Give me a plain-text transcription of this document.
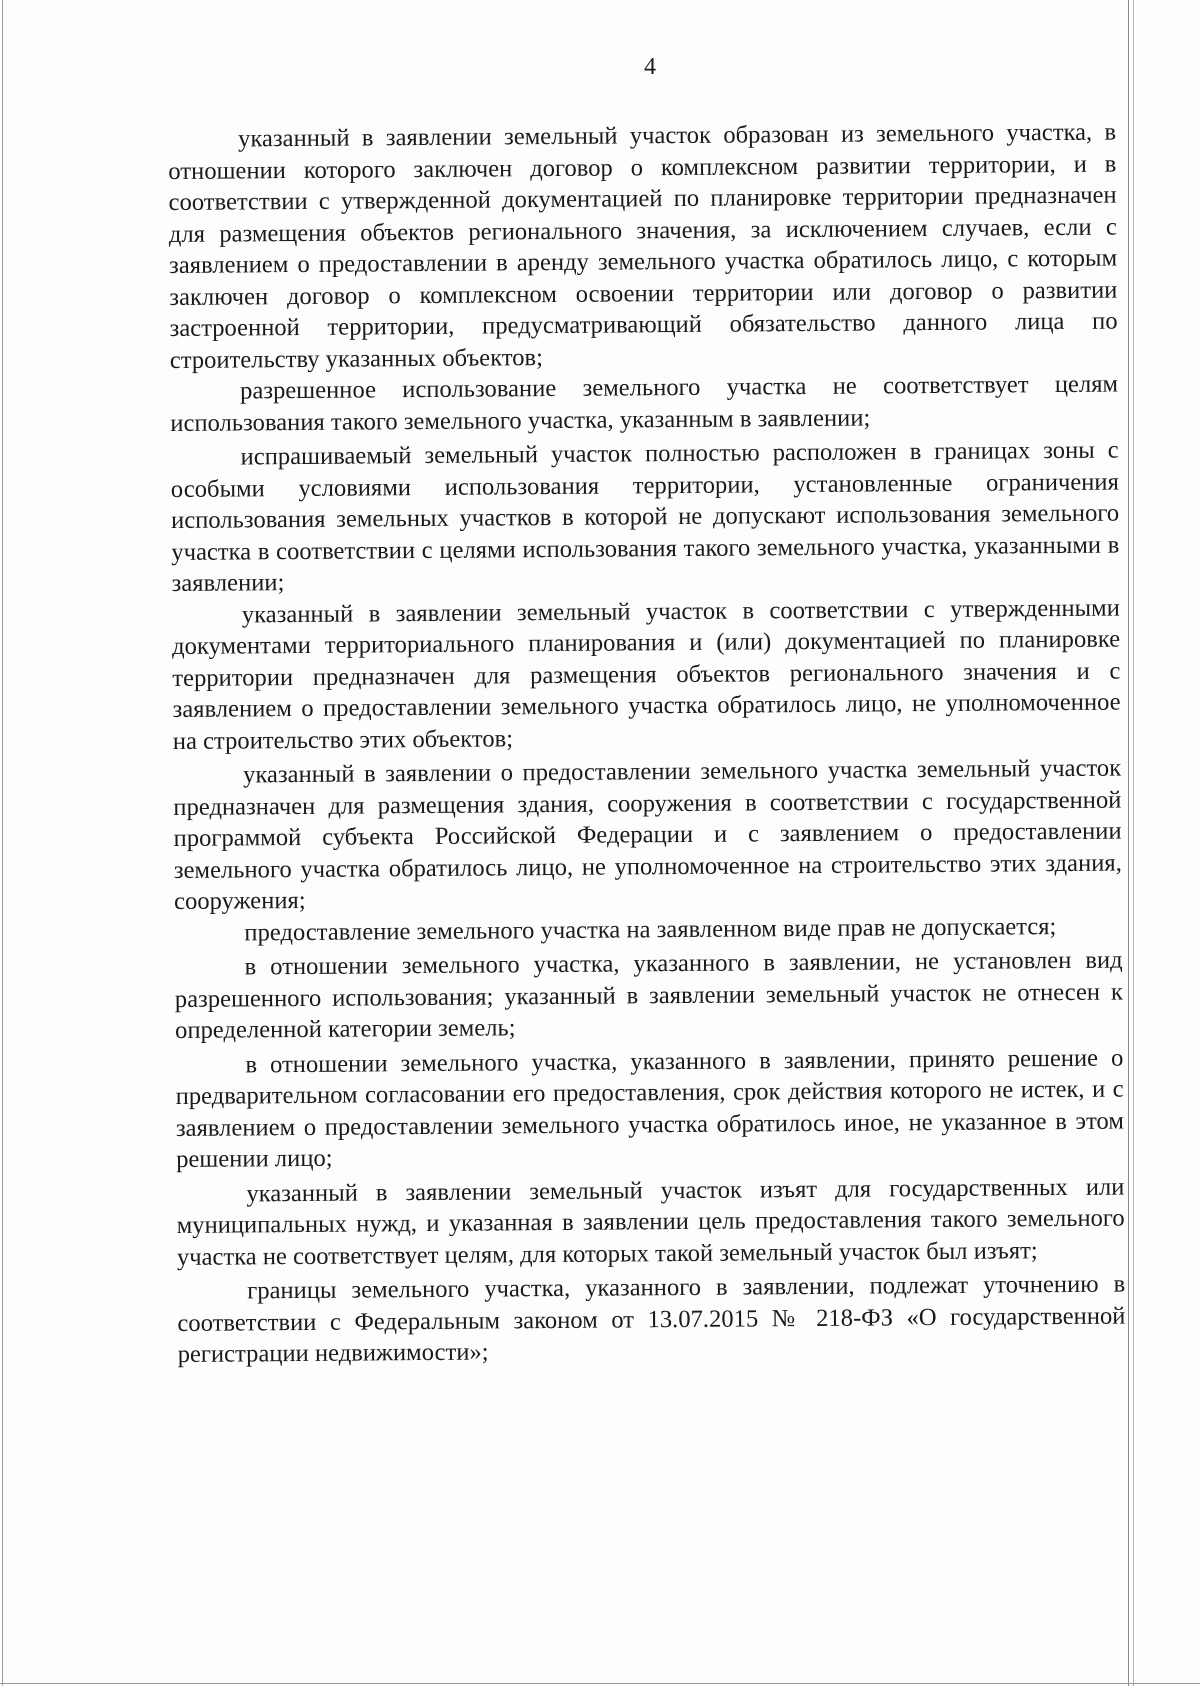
4

указанный в заявлении земельный участок образован из земельного участка, в отношении которого заключен договор о комплексном развитии территории, и в соответствии с утвержденной документацией по планировке территории предназначен для размещения объектов регионального значения, за исключением случаев, если с заявлением о предоставлении в аренду земельного участка обратилось лицо, с которым заключен договор о комплексном освоении территории или договор о развитии застроенной территории, предусматривающий обязательство данного лица по строительству указанных объектов;

разрешенное использование земельного участка не соответствует целям использования такого земельного участка, указанным в заявлении;

испрашиваемый земельный участок полностью расположен в границах зоны с особыми условиями использования территории, установленные ограничения использования земельных участков в которой не допускают использования земельного участка в соответствии с целями использования такого земельного участка, указанными в заявлении;

указанный в заявлении земельный участок в соответствии с утвержденными документами территориального планирования и (или) документацией по планировке территории предназначен для размещения объектов регионального значения и с заявлением о предоставлении земельного участка обратилось лицо, не уполномоченное на строительство этих объектов;

указанный в заявлении о предоставлении земельного участка земельный участок предназначен для размещения здания, сооружения в соответствии с государственной программой субъекта Российской Федерации и с заявлением о предоставлении земельного участка обратилось лицо, не уполномоченное на строительство этих здания, сооружения;

предоставление земельного участка на заявленном виде прав не допускается;

в отношении земельного участка, указанного в заявлении, не установлен вид разрешенного использования; указанный в заявлении земельный участок не отнесен к определенной категории земель;

в отношении земельного участка, указанного в заявлении, принято решение о предварительном согласовании его предоставления, срок действия которого не истек, и с заявлением о предоставлении земельного участка обратилось иное, не указанное в этом решении лицо;

указанный в заявлении земельный участок изъят для государственных или муниципальных нужд, и указанная в заявлении цель предоставления такого земельного участка не соответствует целям, для которых такой земельный участок был изъят;

границы земельного участка, указанного в заявлении, подлежат уточнению в соответствии с Федеральным законом от 13.07.2015 № 218-ФЗ «О государственной регистрации недвижимости»;
